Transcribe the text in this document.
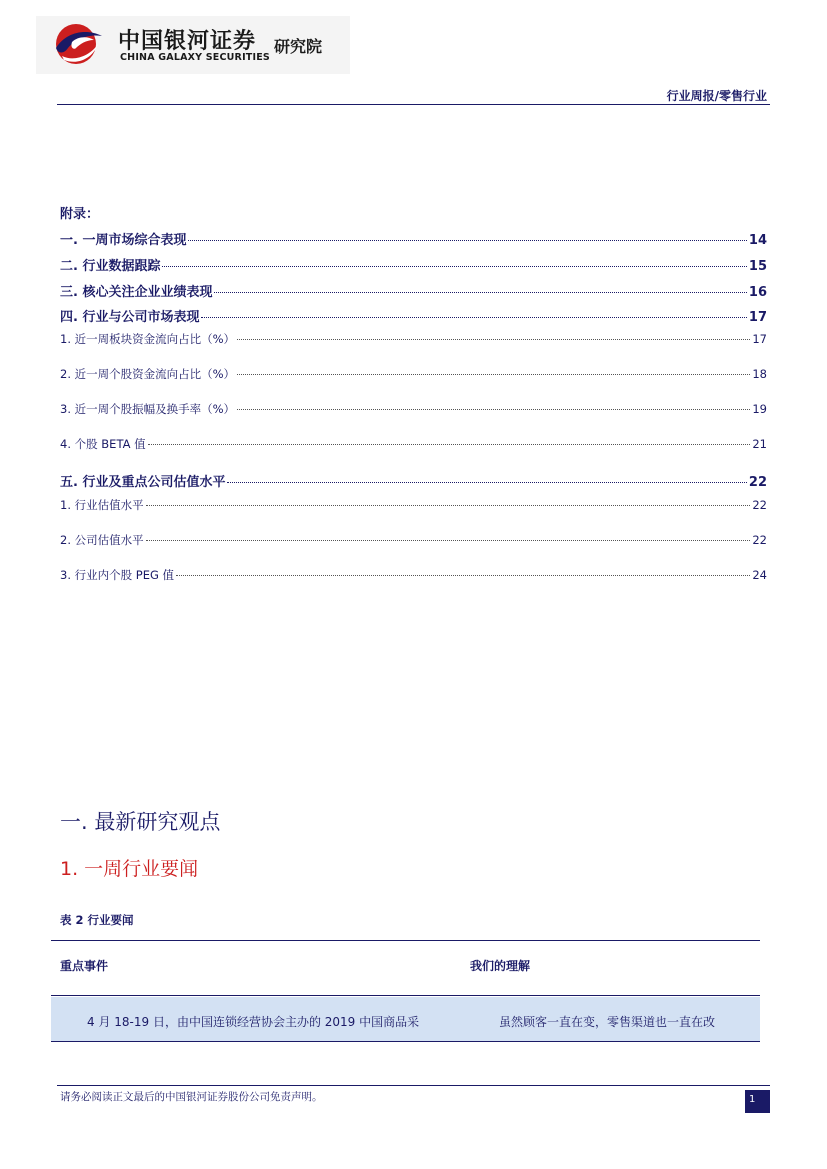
中国银河证券
CHINA GALAXY SECURITIES
研究院
行业周报/零售行业
附录：
一. 一周市场综合表现	14
二. 行业数据跟踪	15
三. 核心关注企业业绩表现	16
四. 行业与公司市场表现	17
1. 近一周板块资金流向占比（%）	17
2. 近一周个股资金流向占比（%）	18
3. 近一周个股振幅及换手率（%）	19
4. 个股 BETA 值	21
五. 行业及重点公司估值水平	22
1. 行业估值水平	22
2. 公司估值水平	22
3. 行业内个股 PEG 值	24
一. 最新研究观点
1. 一周行业要闻
表 2 行业要闻
重点事件	我们的理解
4 月 18-19 日，由中国连锁经营协会主办的 2019 中国商品采	虽然顾客一直在变，零售渠道也一直在改
请务必阅读正文最后的中国银河证券股份公司免责声明。	1
